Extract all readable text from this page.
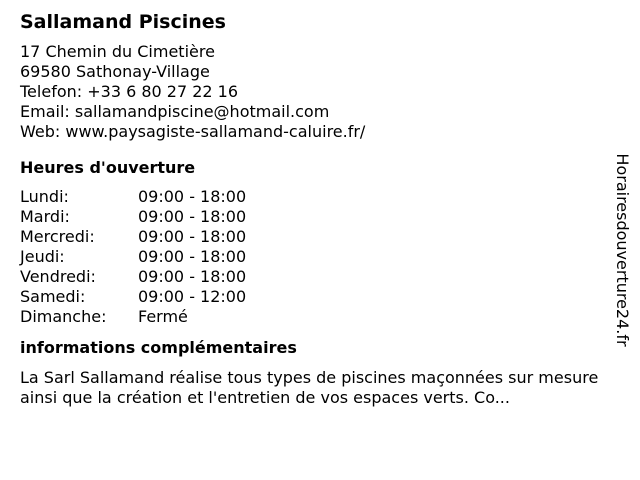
Sallamand Piscines
17 Chemin du Cimetière
69580 Sathonay-Village
Telefon: +33 6 80 27 22 16
Email: sallamandpiscine@hotmail.com
Web: www.paysagiste-sallamand-caluire.fr/
Heures d'ouverture
Lundi:	09:00 - 18:00
Mardi:	09:00 - 18:00
Mercredi:	09:00 - 18:00
Jeudi:	09:00 - 18:00
Vendredi:	09:00 - 18:00
Samedi:	09:00 - 12:00
Dimanche:	Fermé
informations complémentaires
La Sarl Sallamand réalise tous types de piscines maçonnées sur mesure ainsi que la création et l'entretien de vos espaces verts. Co...
Horairesdouverture24.fr
